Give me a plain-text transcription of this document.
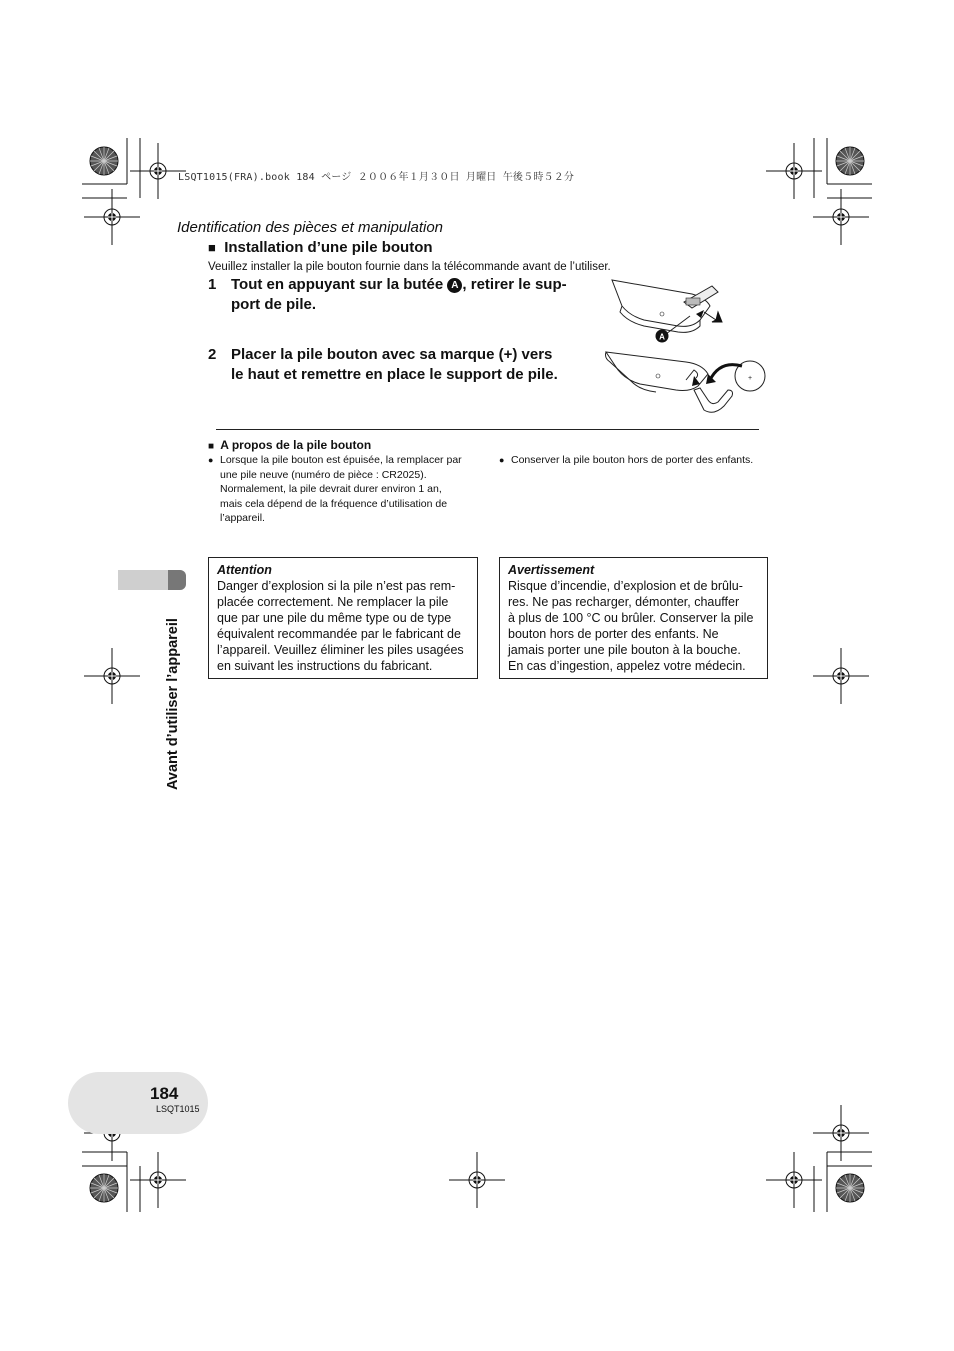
LSQT1015(FRA).book 184 ページ ２００６年１月３０日 月曜日 午後５時５２分
Identification des pièces et manipulation
■ Installation d’une pile bouton
Veuillez installer la pile bouton fournie dans la télécommande avant de l’utiliser.
1 Tout en appuyant sur la butée A , retirer le sup-
port de pile.
2 Placer la pile bouton avec sa marque (+) vers
le haut et remettre en place le support de pile.
A
+
■ A propos de la pile bouton
● Lorsque la pile bouton est épuisée, la remplacer par
une pile neuve (numéro de pièce : CR2025).
Normalement, la pile devrait durer environ 1 an,
mais cela dépend de la fréquence d’utilisation de
l’appareil.
● Conserver la pile bouton hors de porter des enfants.
Attention
Danger d’explosion si la pile n’est pas rem-
placée correctement. Ne remplacer la pile
que par une pile du même type ou de type
équivalent recommandée par le fabricant de
l’appareil. Veuillez éliminer les piles usagées
en suivant les instructions du fabricant.
Avertissement
Risque d’incendie, d’explosion et de brûlu-
res. Ne pas recharger, démonter, chauffer
à plus de 100 °C ou brûler. Conserver la pile
bouton hors de porter des enfants. Ne
jamais porter une pile bouton à la bouche.
En cas d’ingestion, appelez votre médecin.
Avant d’utiliser l’appareil
184
LSQT1015
